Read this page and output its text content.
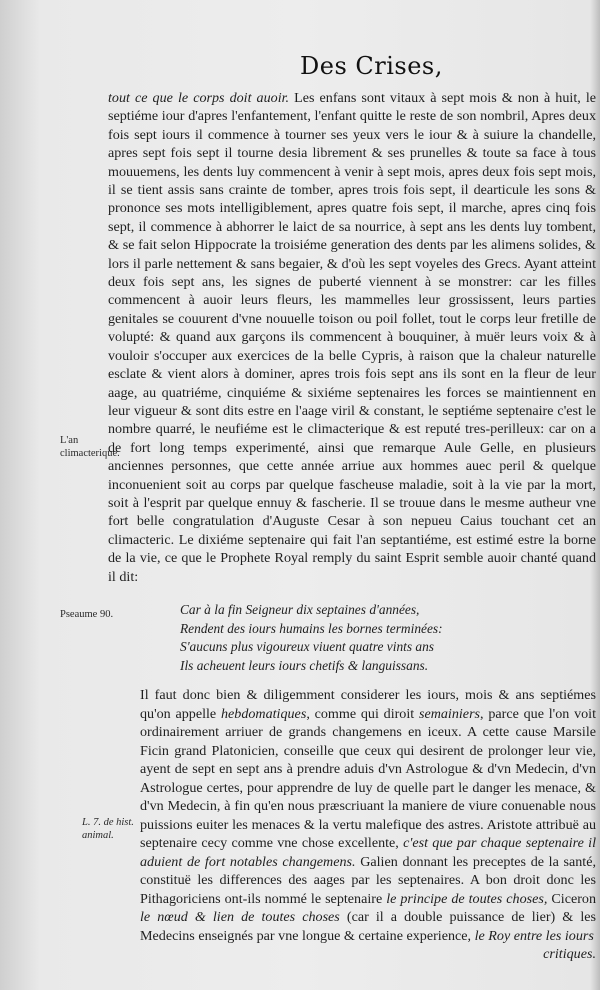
Des Crises,

tout ce que le corps doit auoir. Les enfans sont vitaux à sept mois & non à huit, le septiéme iour d'apres l'enfantement, l'enfant quitte le reste de son nombril, Apres deux fois sept iours il commence à tourner ses yeux vers le iour & à suiure la chandelle, apres sept fois sept il tourne desia librement & ses prunelles & toute sa face à tous mouuemens, les dents luy commencent à venir à sept mois, apres deux fois sept mois, il se tient assis sans crainte de tomber, apres trois fois sept, il dearticule les sons & prononce ses mots intelligiblement, apres quatre fois sept, il marche, apres cinq fois sept, il commence à abhorrer le laict de sa nourrice, à sept ans les dents luy tombent, & se fait selon Hippocrate la troisiéme generation des dents par les alimens solides, & lors il parle nettement & sans begaier, & d'où les sept voyeles des Grecs. Ayant atteint deux fois sept ans, les signes de puberté viennent à se monstrer: car les filles commencent à auoir leurs fleurs, les mammelles leur grossissent, leurs parties genitales se couurent d'vne nouuelle toison ou poil follet, tout le corps leur fretille de volupté: & quand aux garçons ils commencent à bouquiner, à muër leurs voix & à vouloir s'occuper aux exercices de la belle Cypris, à raison que la chaleur naturelle esclate & vient alors à dominer, apres trois fois sept ans ils sont en la fleur de leur aage, au quatriéme, cinquiéme & sixiéme septenaires les forces se maintiennent en leur vigueur & sont dits estre en l'aage viril & constant, le septiéme septenaire c'est le nombre quarré, le neufiéme est le climacterique & est reputé tres-perilleux: car on a de fort long temps experimenté, ainsi que remarque Aule Gelle, en plusieurs anciennes personnes, que cette année arriue aux hommes auec peril & quelque inconuenient soit au corps par quelque fascheuse maladie, soit à la vie par la mort, soit à l'esprit par quelque ennuy & fascherie. Il se trouue dans le mesme autheur vne fort belle congratulation d'Auguste Cesar à son nepueu Caius touchant cet an climacteric. Le dixiéme septenaire qui fait l'an septantiéme, est estimé estre la borne de la vie, ce que le Prophete Royal remply du saint Esprit semble auoir chanté quand il dit:

Car à la fin Seigneur dix septaines d'années,
Rendent des iours humains les bornes terminées:
S'aucuns plus vigoureux viuent quatre vints ans
Ils acheuent leurs iours chetifs & languissans.
Il faut donc bien & diligemment considerer les iours, mois & ans septiémes qu'on appelle hebdomatiques, comme qui diroit semainiers, parce que l'on voit ordinairement arriuer de grands changemens en iceux. A cette cause Marsile Ficin grand Platonicien, conseille que ceux qui desirent de prolonger leur vie, ayent de sept en sept ans à prendre aduis d'vn Astrologue & d'vn Medecin, d'vn Astrologue certes, pour apprendre de luy de quelle part le danger les menace, & d'vn Medecin, à fin qu'en nous præscriuant la maniere de viure conuenable nous puissions euiter les menaces & la vertu malefique des astres. Aristote attribuë au septenaire cecy comme vne chose excellente, c'est que par chaque septenaire il aduient de fort notables changemens. Galien donnant les preceptes de la santé, constituë les differences des aages par les septenaires. A bon droit donc les Pithagoriciens ont-ils nommé le septenaire le principe de toutes choses, Ciceron le nœud & lien de toutes choses (car il a double puissance de lier) & les Medecins enseignés par vne longue & certaine experience, le Roy entre les iours
critiques.
L'an climacterique.
Pseaume 90.
L. 7. de hist. animal.
